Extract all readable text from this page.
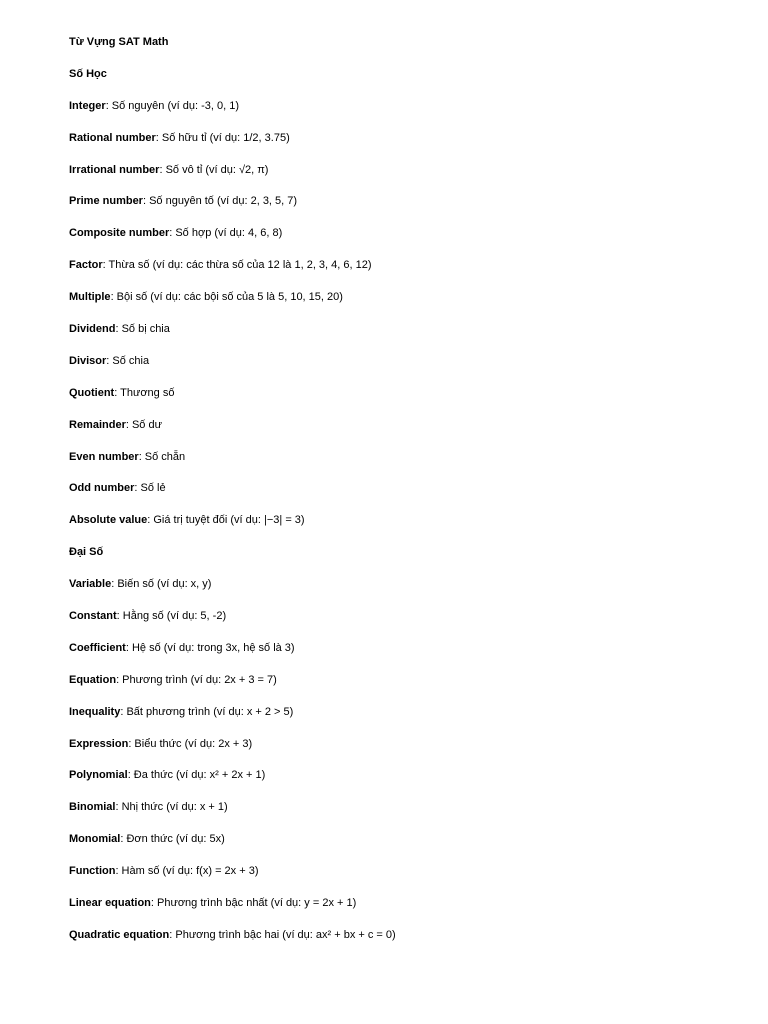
Từ Vựng SAT Math
Số Học
Integer: Số nguyên (ví dụ: -3, 0, 1)
Rational number: Số hữu tỉ (ví dụ: 1/2, 3.75)
Irrational number: Số vô tỉ (ví dụ: √2, π)
Prime number: Số nguyên tố (ví dụ: 2, 3, 5, 7)
Composite number: Số hợp (ví dụ: 4, 6, 8)
Factor: Thừa số (ví dụ: các thừa số của 12 là 1, 2, 3, 4, 6, 12)
Multiple: Bội số (ví dụ: các bội số của 5 là 5, 10, 15, 20)
Dividend: Số bị chia
Divisor: Số chia
Quotient: Thương số
Remainder: Số dư
Even number: Số chẵn
Odd number: Số lẻ
Absolute value: Giá trị tuyệt đối (ví dụ: |−3| = 3)
Đại Số
Variable: Biến số (ví dụ: x, y)
Constant: Hằng số (ví dụ: 5, -2)
Coefficient: Hệ số (ví dụ: trong 3x, hệ số là 3)
Equation: Phương trình (ví dụ: 2x + 3 = 7)
Inequality: Bất phương trình (ví dụ: x + 2 > 5)
Expression: Biểu thức (ví dụ: 2x + 3)
Polynomial: Đa thức (ví dụ: x² + 2x + 1)
Binomial: Nhị thức (ví dụ: x + 1)
Monomial: Đơn thức (ví dụ: 5x)
Function: Hàm số (ví dụ: f(x) = 2x + 3)
Linear equation: Phương trình bậc nhất (ví dụ: y = 2x + 1)
Quadratic equation: Phương trình bậc hai (ví dụ: ax² + bx + c = 0)
